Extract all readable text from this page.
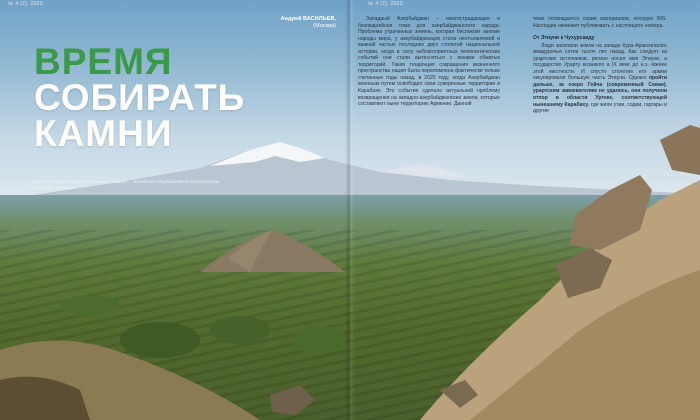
№ 4 (2), 2023	№ 4 (2), 2023
Андрей ВАСИЛЬЕВ,
(Москва)
ВРЕМЯ
СОБИРАТЬ
КАМНИ
Персидский курган высотой 25 м в 1 макрой ... Западный Азербайджан и окрестности Республики Армения

Западный Азербайджан – многострадающие и безлюднейная тема для азербайджанского народа. Проблема утраченных земель, которая беспокоит многие народы мира, у азербайджанцев стала неотъемлемой и важной частью последних двух столетий национальной истории, когда в силу неблагоприятных геополитических событий они стали вытесняться с веками обжитых территорий. Такая тенденция сокращения жизненного пространства нация была переломлена фактически только считанные годы назад, в 2020 году, когда Азербайджан военным путем освободил свои суверенные территории в Карабахе. Это событие сделало актуальной проблему возвращения на западно-азербайджанские земли, которые составляют ныне территорию Армении. Данной

теме посвящается серия материалов, которую IRS-Наследие начинает публиковать с настоящего номера.

От Этиуни к Чухурсааду

Люди заселили земли на западе Кура-Араксинского междуречья сотни тысяч лет назад. Как следует из урартских источников, регион носил имя Этиуни, а государство Урарту возникло в IX веке до н.э. южнее этой местности. И спустя столетие его армии оккупировали большую часть Этиуни. Однако пройти дальше, за озеро Гейча (современный Севан), урартским завоевателям не удалось, они получили отпор в области Уртеке, соответствующей нынешнему Карабаху, где жили утии, содии, гаргары и другие
